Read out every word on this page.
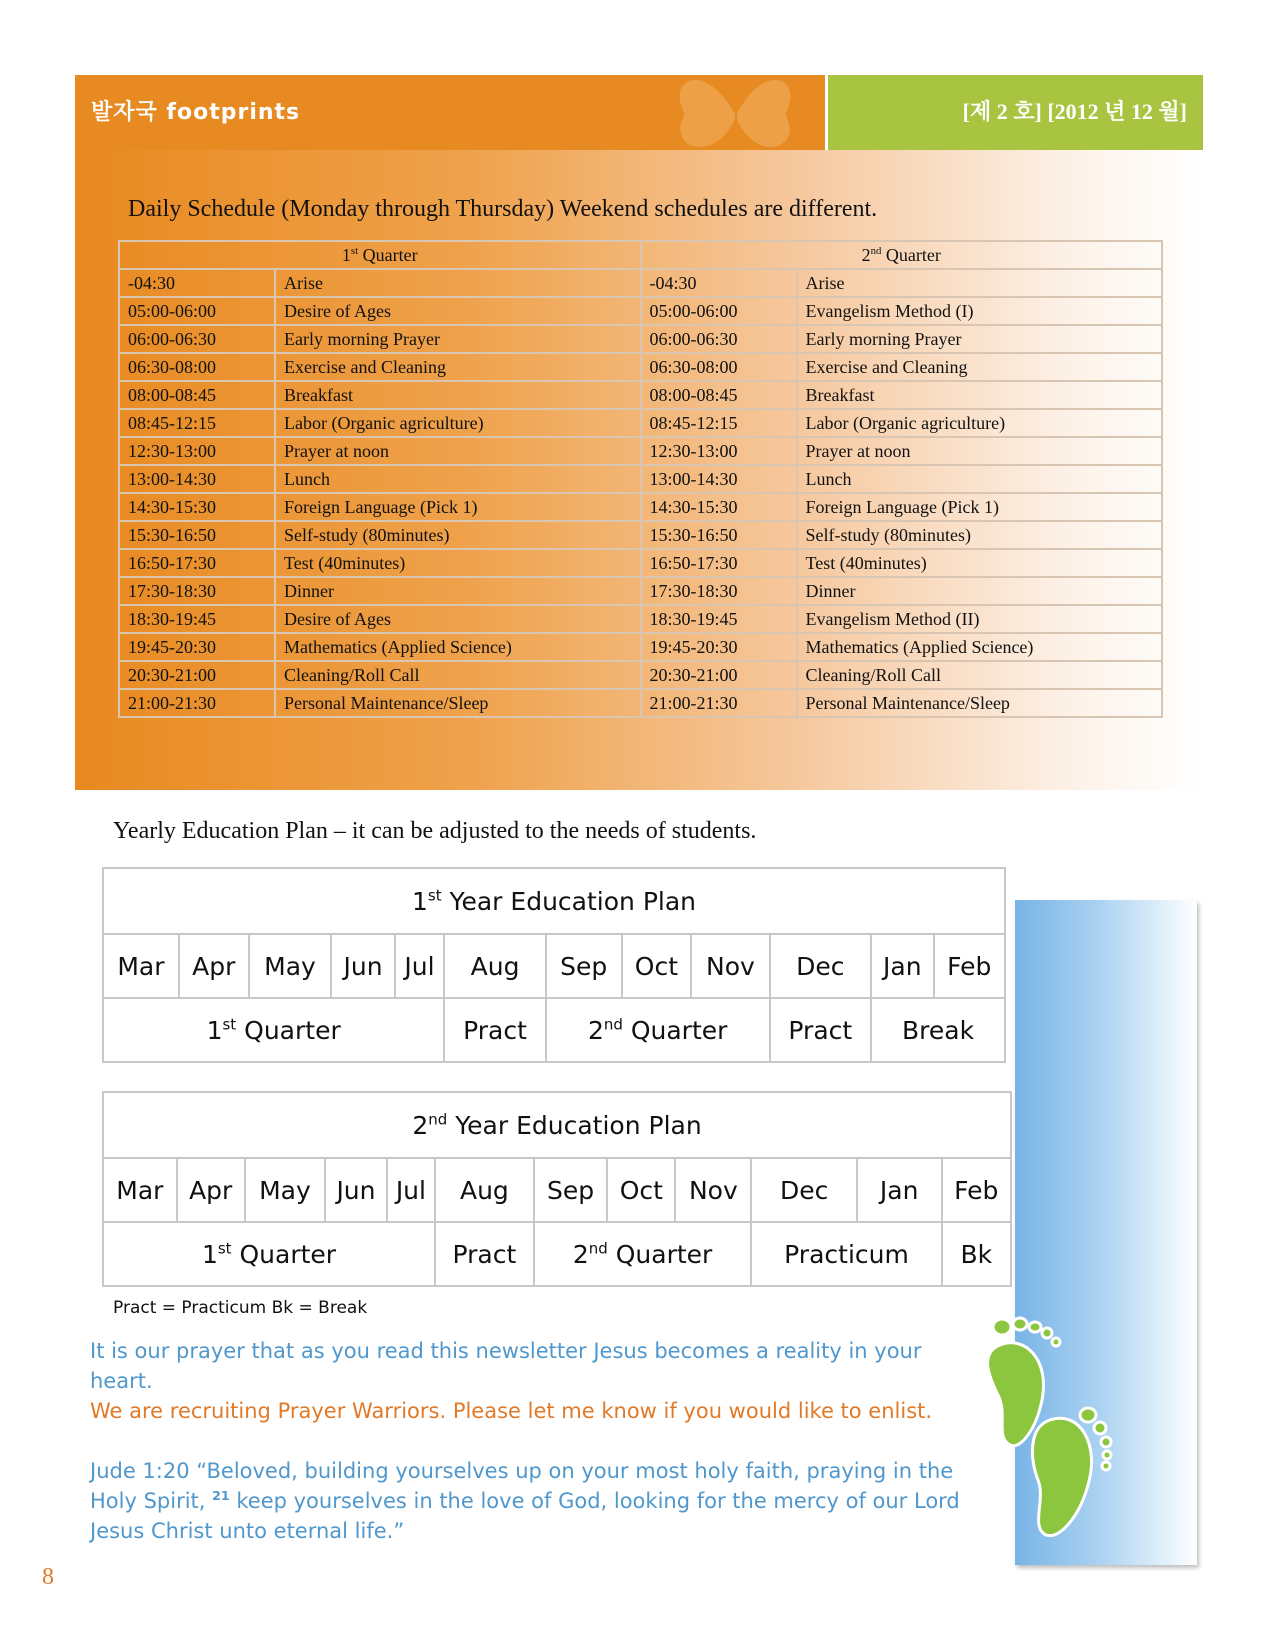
발자국 footprints	[제 2 호] [2012 년 12 월]
Daily Schedule (Monday through Thursday) Weekend schedules are different.
1st Quarter		2nd Quarter	
-04:30	Arise	-04:30	Arise
05:00-06:00	Desire of Ages	05:00-06:00	Evangelism Method (I)
06:00-06:30	Early morning Prayer	06:00-06:30	Early morning Prayer
06:30-08:00	Exercise and Cleaning	06:30-08:00	Exercise and Cleaning
08:00-08:45	Breakfast	08:00-08:45	Breakfast
08:45-12:15	Labor (Organic agriculture)	08:45-12:15	Labor (Organic agriculture)
12:30-13:00	Prayer at noon	12:30-13:00	Prayer at noon
13:00-14:30	Lunch	13:00-14:30	Lunch
14:30-15:30	Foreign Language (Pick 1)	14:30-15:30	Foreign Language (Pick 1)
15:30-16:50	Self-study (80minutes)	15:30-16:50	Self-study (80minutes)
16:50-17:30	Test (40minutes)	16:50-17:30	Test (40minutes)
17:30-18:30	Dinner	17:30-18:30	Dinner
18:30-19:45	Desire of Ages	18:30-19:45	Evangelism Method (II)
19:45-20:30	Mathematics (Applied Science)	19:45-20:30	Mathematics (Applied Science)
20:30-21:00	Cleaning/Roll Call	20:30-21:00	Cleaning/Roll Call
21:00-21:30	Personal Maintenance/Sleep	21:00-21:30	Personal Maintenance/Sleep
Yearly Education Plan – it can be adjusted to the needs of students.
1st Year Education Plan											
Mar	Apr	May	Jun	Jul	Aug	Sep	Oct	Nov	Dec	Jan	Feb
1st Quarter					Pract	2nd Quarter			Pract	Break	
2nd Year Education Plan											
Mar	Apr	May	Jun	Jul	Aug	Sep	Oct	Nov	Dec	Jan	Feb
1st Quarter					Pract	2nd Quarter			Practicum		Bk
Pract = Practicum Bk = Break
It is our prayer that as you read this newsletter Jesus becomes a reality in your heart.
We are recruiting Prayer Warriors. Please let me know if you would like to enlist.
Jude 1:20 “Beloved, building yourselves up on your most holy faith, praying in the Holy Spirit, $^{21}$ keep yourselves in the love of God, looking for the mercy of our Lord Jesus Christ unto eternal life.”
8
